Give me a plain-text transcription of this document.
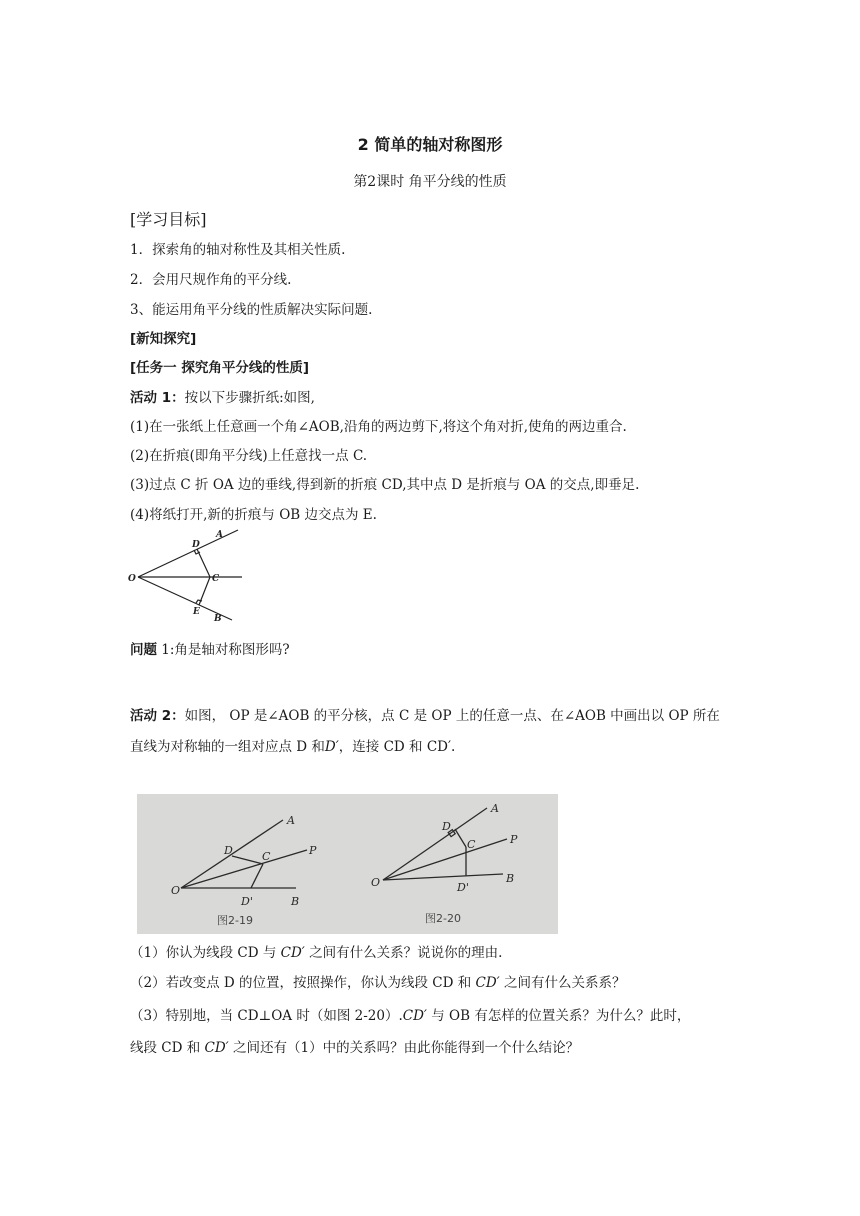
2 简单的轴对称图形
第2课时 角平分线的性质
[学习目标]
1．探索角的轴对称性及其相关性质.
2．会用尺规作角的平分线.
3、能运用角平分线的性质解决实际问题.
[新知探究]
[任务一 探究角平分线的性质]
活动 1：按以下步骤折纸:如图,
(1)在一张纸上任意画一个角∠AOB,沿角的两边剪下,将这个角对折,使角的两边重合.
(2)在折痕(即角平分线)上任意找一点 C.
(3)过点 C 折 OA 边的垂线,得到新的折痕 CD,其中点 D 是折痕与 OA 的交点,即垂足.
(4)将纸打开,新的折痕与 OB 边交点为 E.
O
A
D
C
E
B
问题 1:角是轴对称图形吗?
活动 2：如图， OP 是∠AOB 的平分核，点 C 是 OP 上的任意一点、在∠AOB 中画出以 OP 所在
直线为对称轴的一组对应点 D 和D′，连接 CD 和 CD′.
A
P
D	C
O
D'	B
图2-19
A
P
D
C
O	D'
B
图2-20
（1）你认为线段 CD 与 CD′ 之间有什么关系？说说你的理由.
（2）若改变点 D 的位置，按照操作，你认为线段 CD 和 CD′ 之间有什么关系系？
（3）特别地，当 CD⊥OA 时（如图 2-20）.CD′ 与 OB 有怎样的位置关系？为什么？此时，
线段 CD 和 CD′ 之间还有（1）中的关系吗？由此你能得到一个什么结论？
